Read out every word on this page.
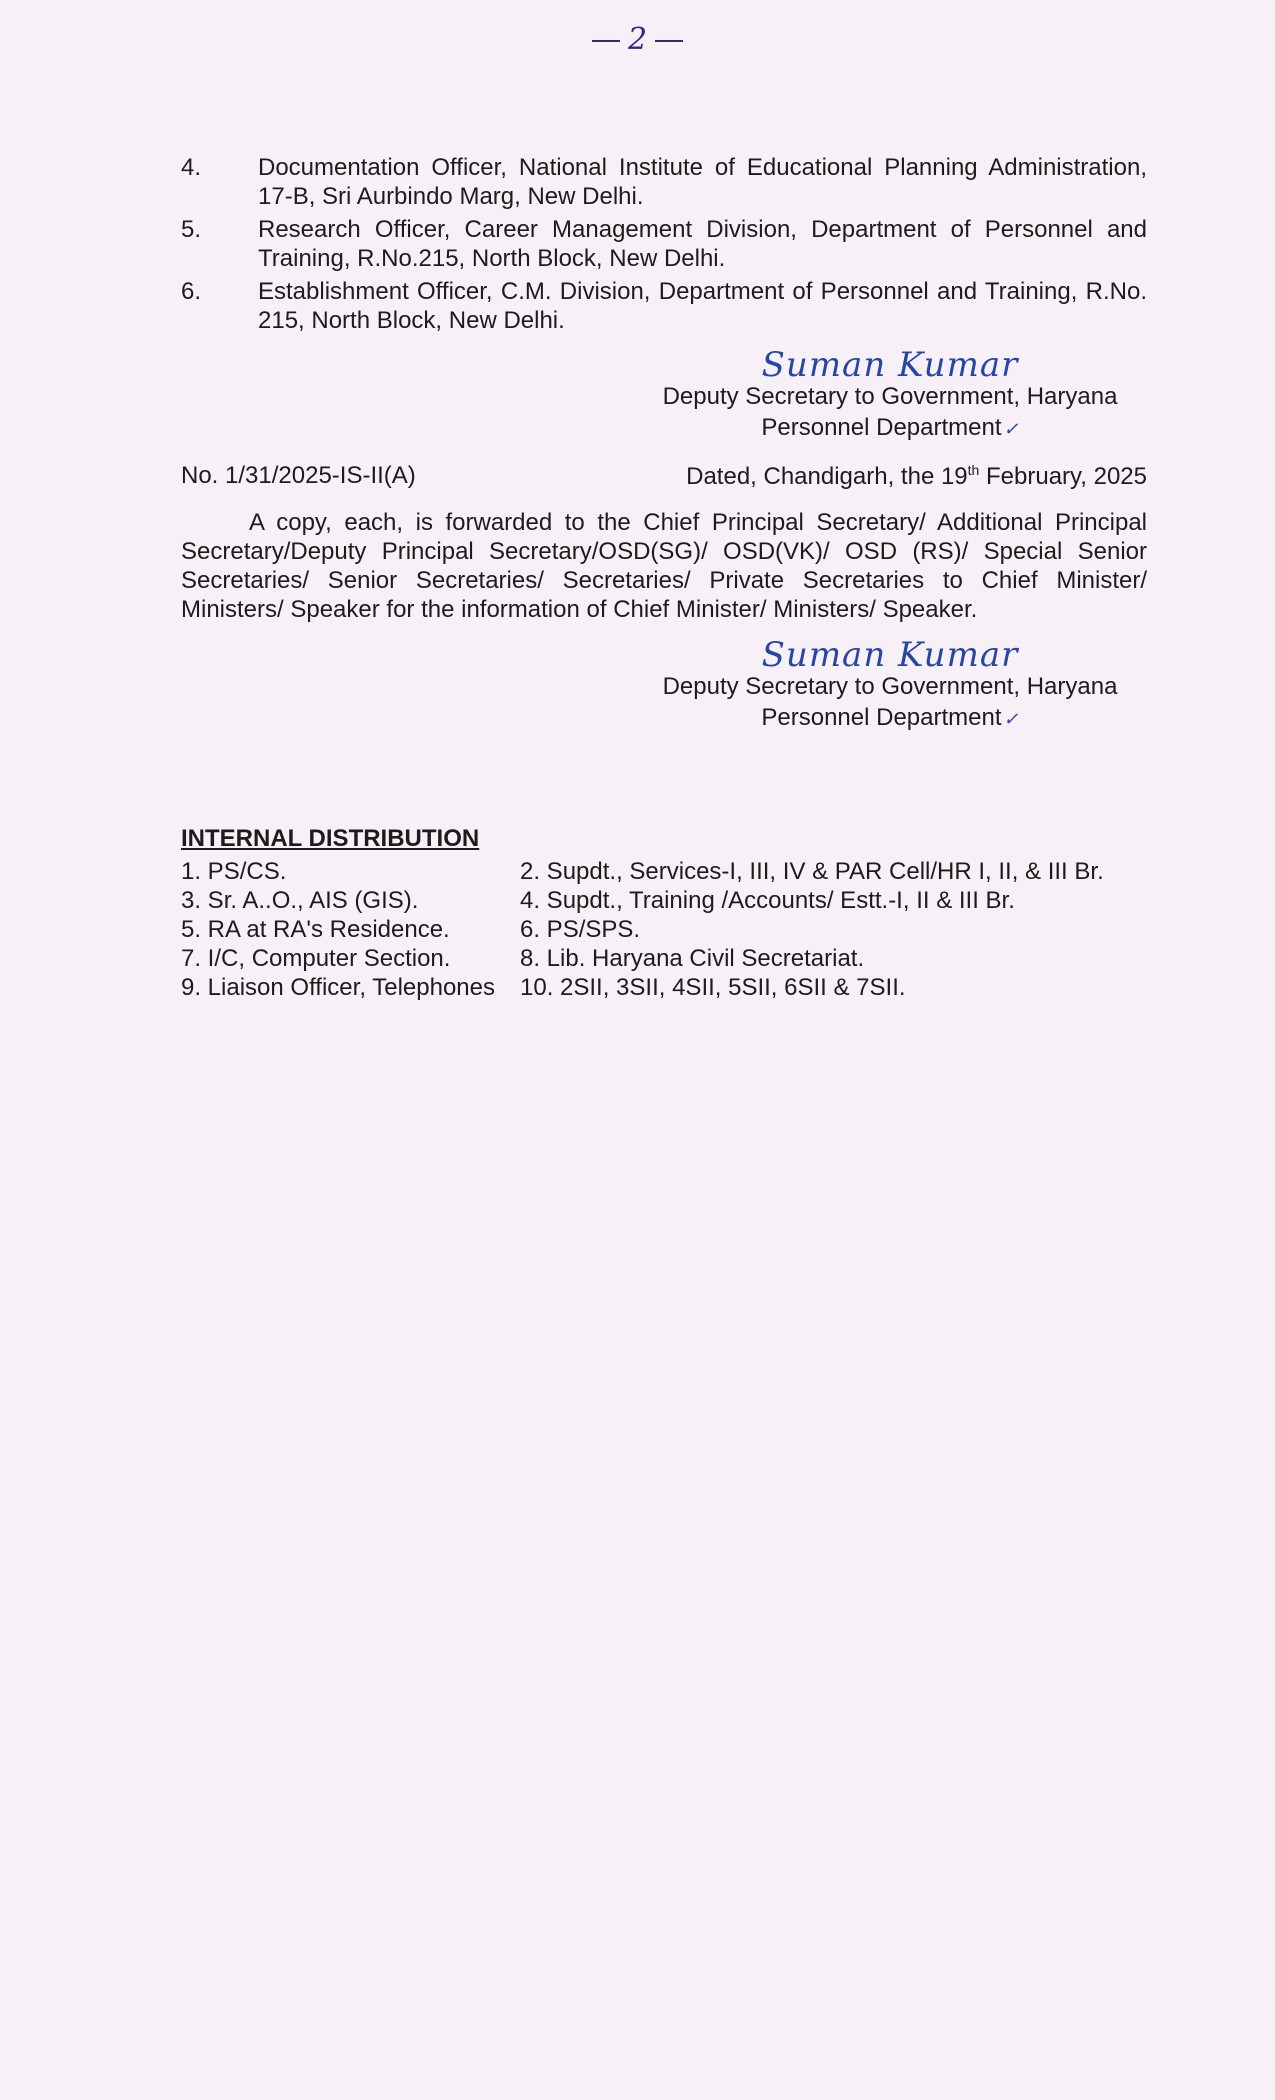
2
4.	Documentation Officer, National Institute of Educational Planning Administration, 17-B, Sri Aurbindo Marg, New Delhi.
5.	Research Officer, Career Management Division, Department of Personnel and Training, R.No.215, North Block, New Delhi.
6.	Establishment Officer, C.M. Division, Department of Personnel and Training, R.No. 215, North Block, New Delhi.
Suman Kumar
Deputy Secretary to Government, Haryana
Personnel Department ✓
No. 1/31/2025-IS-II(A)	Dated, Chandigarh, the 19th February, 2025
A copy, each, is forwarded to the Chief Principal Secretary/ Additional Principal Secretary/Deputy Principal Secretary/OSD(SG)/ OSD(VK)/ OSD (RS)/ Special Senior Secretaries/ Senior Secretaries/ Secretaries/ Private Secretaries to Chief Minister/ Ministers/ Speaker for the information of Chief Minister/ Ministers/ Speaker.
Suman Kumar
Deputy Secretary to Government, Haryana
Personnel Department ✓
INTERNAL DISTRIBUTION
1. PS/CS.	2. Supdt., Services-I, III, IV & PAR Cell/HR I, II, & III Br.
3. Sr. A..O., AIS (GIS).	4. Supdt., Training /Accounts/ Estt.-I, II & III Br.
5. RA at RA's Residence.	6. PS/SPS.
7. I/C, Computer Section.	8. Lib. Haryana Civil Secretariat.
9. Liaison Officer, Telephones	10. 2SII, 3SII, 4SII, 5SII, 6SII & 7SII.
